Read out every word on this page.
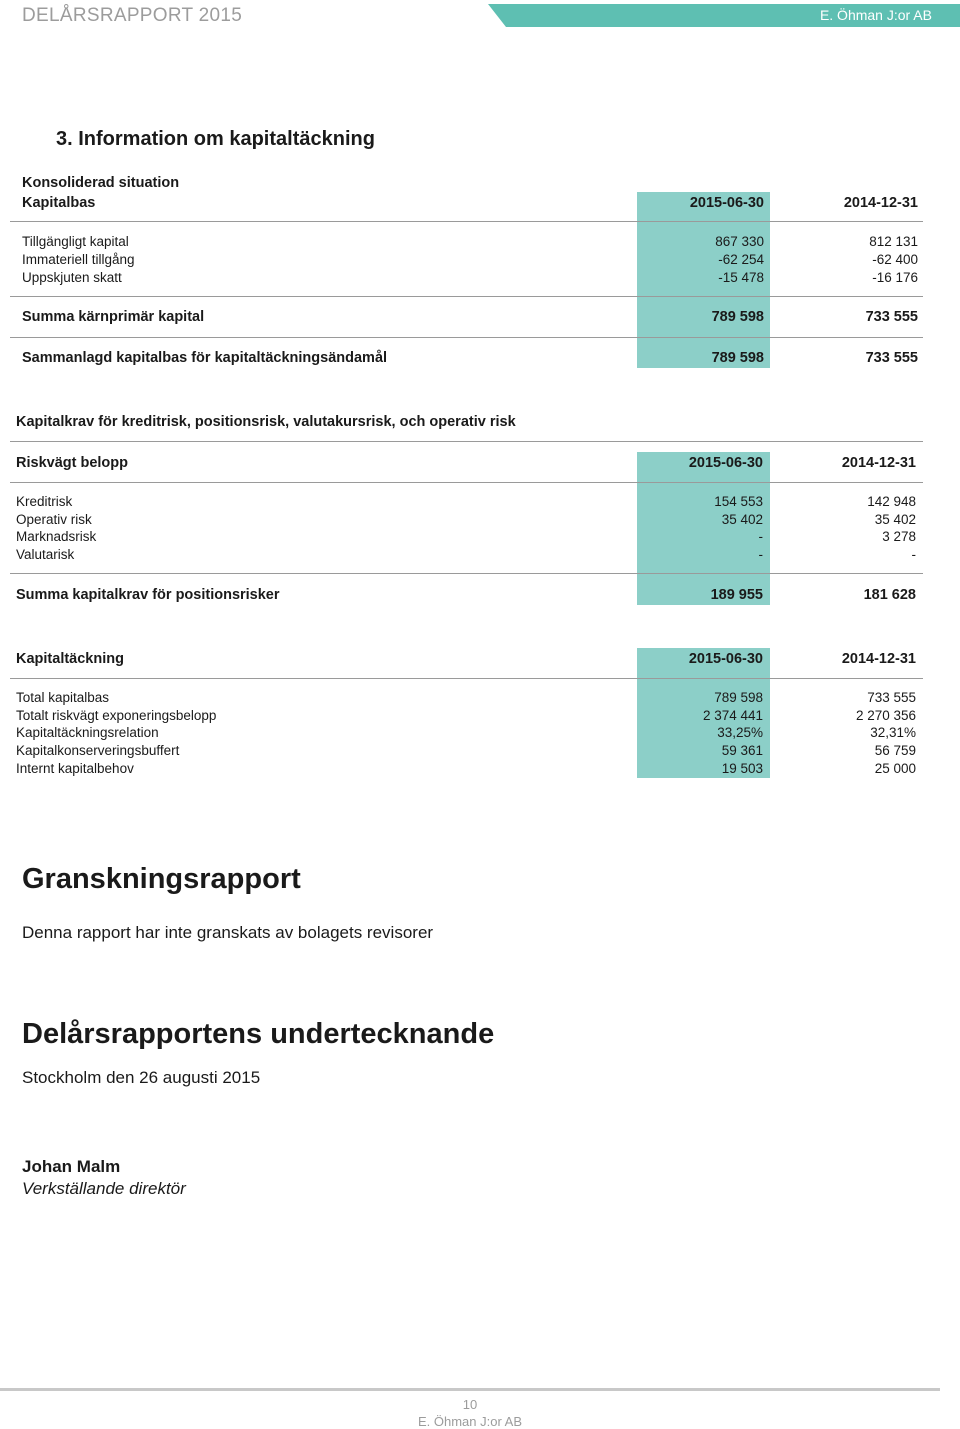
DELÅRSRAPPORT 2015	E. Öhman J:or AB
3. Information om kapitaltäckning
Konsoliderad situation
Kapitalbas	2015-06-30	2014-12-31
Tillgängligt kapital	867 330	812 131
Immateriell tillgång	-62 254	-62 400
Uppskjuten skatt	-15 478	-16 176
Summa kärnprimär kapital	789 598	733 555
Sammanlagd kapitalbas för kapitaltäckningsändamål	789 598	733 555
Kapitalkrav för kreditrisk, positionsrisk, valutakursrisk, och operativ risk
Riskvägt belopp	2015-06-30	2014-12-31
Kreditrisk	154 553	142 948
Operativ risk	35 402	35 402
Marknadsrisk	-	3 278
Valutarisk	-	-
Summa kapitalkrav för positionsrisker	189 955	181 628
Kapitaltäckning	2015-06-30	2014-12-31
Total kapitalbas	789 598	733 555
Totalt riskvägt exponeringsbelopp	2 374 441	2 270 356
Kapitaltäckningsrelation	33,25%	32,31%
Kapitalkonserveringsbuffert	59 361	56 759
Internt kapitalbehov	19 503	25 000
Granskningsrapport
Denna rapport har inte granskats av bolagets revisorer
Delårsrapportens undertecknande
Stockholm den 26 augusti 2015
Johan Malm
Verkställande direktör
10
E. Öhman J:or AB
